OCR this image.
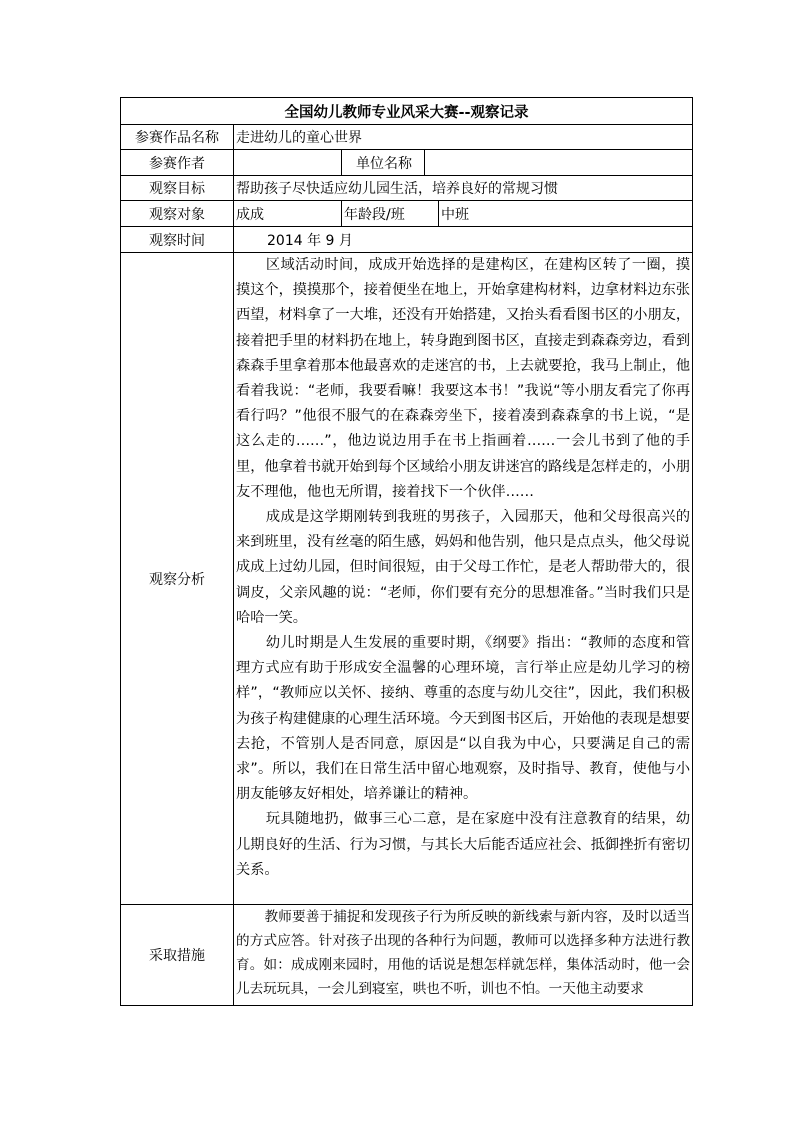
全国幼儿教师专业风采大赛--观察记录				
参赛作品名称	走进幼儿的童心世界			
参赛作者		单位名称		
观察目标	帮助孩子尽快适应幼儿园生活，培养良好的常规习惯			
观察对象	成成	年龄段/班		中班
观察时间	2014 年 9 月			
观察分析	区域活动时间，成成开始选择的是建构区，在建构区转了一圈，摸摸这个，摸摸那个，接着便坐在地上，开始拿建构材料，边拿材料边东张西望，材料拿了一大堆，还没有开始搭建，又抬头看看图书区的小朋友，接着把手里的材料扔在地上，转身跑到图书区，直接走到森森旁边，看到森森手里拿着那本他最喜欢的走迷宫的书，上去就要抢，我马上制止，他看着我说：“老师，我要看嘛！我要这本书！”我说“等小朋友看完了你再看行吗？”他很不服气的在森森旁坐下，接着凑到森森拿的书上说，“是这么走的……”，他边说边用手在书上指画着……一会儿书到了他的手里，他拿着书就开始到每个区域给小朋友讲迷宫的路线是怎样走的，小朋友不理他，他也无所谓，接着找下一个伙伴……

成成是这学期刚转到我班的男孩子，入园那天，他和父母很高兴的来到班里，没有丝毫的陌生感，妈妈和他告别，他只是点点头，他父母说成成上过幼儿园，但时间很短，由于父母工作忙，是老人帮助带大的，很调皮，父亲风趣的说：“老师，你们要有充分的思想准备。”当时我们只是哈哈一笑。

幼儿时期是人生发展的重要时期，《纲要》指出：“教师的态度和管理方式应有助于形成安全温馨的心理环境，言行举止应是幼儿学习的榜样”，“教师应以关怀、接纳、尊重的态度与幼儿交往”，因此，我们积极为孩子构建健康的心理生活环境。今天到图书区后，开始他的表现是想要去抢，不管别人是否同意，原因是“以自我为中心，只要满足自己的需求”。所以，我们在日常生活中留心地观察，及时指导、教育，使他与小朋友能够友好相处，培养谦让的精神。

玩具随地扔，做事三心二意，是在家庭中没有注意教育的结果，幼儿期良好的生活、行为习惯，与其长大后能否适应社会、抵御挫折有密切关系。			

采取措施	教师要善于捕捉和发现孩子行为所反映的新线索与新内容，及时以适当的方式应答。针对孩子出现的各种行为问题，教师可以选择多种方法进行教育。如：成成刚来园时，用他的话说是想怎样就怎样，集体活动时，他一会儿去玩玩具，一会儿到寝室，哄也不听，训也不怕。一天他主动要求			
